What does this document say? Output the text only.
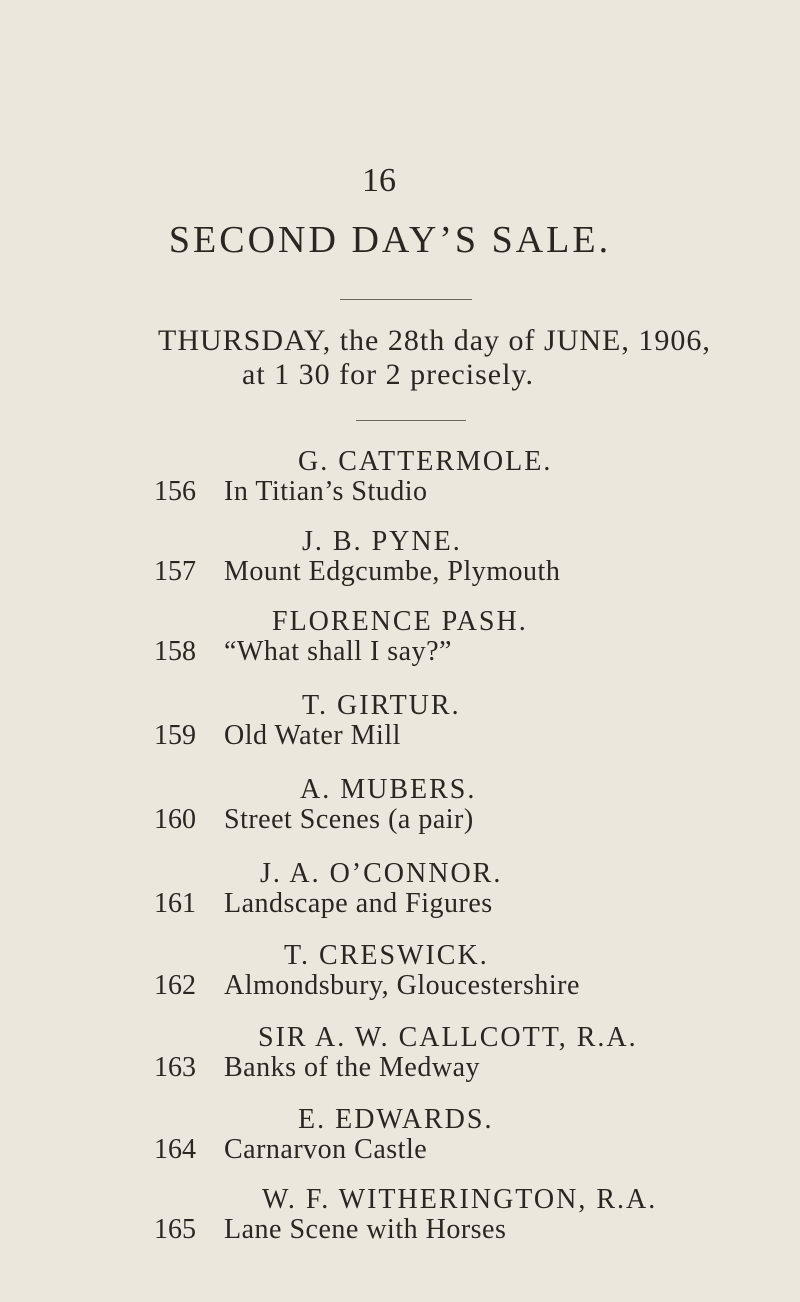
16
SECOND DAY’S SALE.
THURSDAY, the 28th day of JUNE, 1906,
at 1 30 for 2 precisely.
G. CATTERMOLE.
156 In Titian’s Studio
J. B. PYNE.
157 Mount Edgcumbe, Plymouth
FLORENCE PASH.
158 “What shall I say?”
T. GIRTUR.
159 Old Water Mill
A. MUBERS.
160 Street Scenes (a pair)
J. A. O’CONNOR.
161 Landscape and Figures
T. CRESWICK.
162 Almondsbury, Gloucestershire
SIR A. W. CALLCOTT, R.A.
163 Banks of the Medway
E. EDWARDS.
164 Carnarvon Castle
W. F. WITHERINGTON, R.A.
165 Lane Scene with Horses
